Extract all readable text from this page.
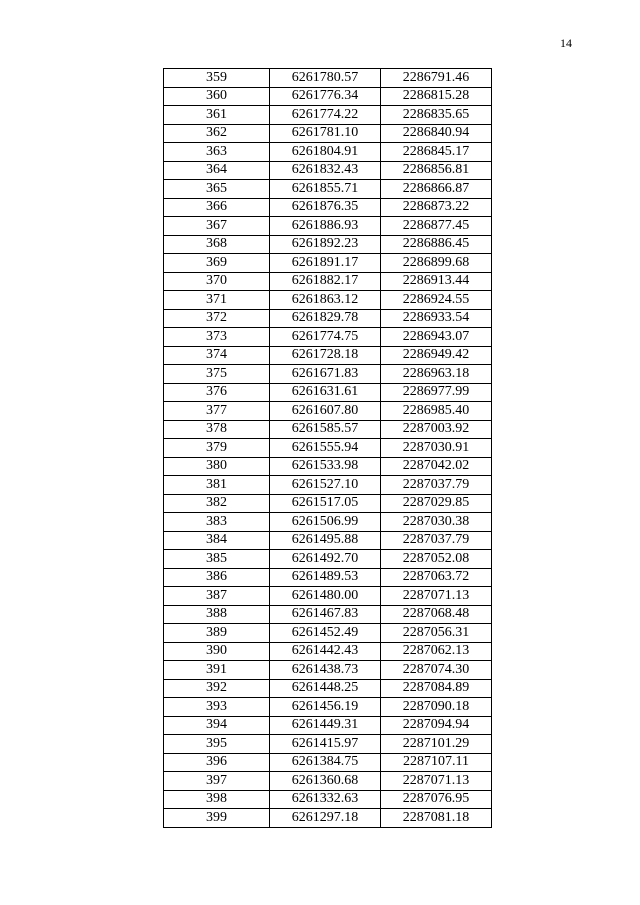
14
359	6261780.57	2286791.46
360	6261776.34	2286815.28
361	6261774.22	2286835.65
362	6261781.10	2286840.94
363	6261804.91	2286845.17
364	6261832.43	2286856.81
365	6261855.71	2286866.87
366	6261876.35	2286873.22
367	6261886.93	2286877.45
368	6261892.23	2286886.45
369	6261891.17	2286899.68
370	6261882.17	2286913.44
371	6261863.12	2286924.55
372	6261829.78	2286933.54
373	6261774.75	2286943.07
374	6261728.18	2286949.42
375	6261671.83	2286963.18
376	6261631.61	2286977.99
377	6261607.80	2286985.40
378	6261585.57	2287003.92
379	6261555.94	2287030.91
380	6261533.98	2287042.02
381	6261527.10	2287037.79
382	6261517.05	2287029.85
383	6261506.99	2287030.38
384	6261495.88	2287037.79
385	6261492.70	2287052.08
386	6261489.53	2287063.72
387	6261480.00	2287071.13
388	6261467.83	2287068.48
389	6261452.49	2287056.31
390	6261442.43	2287062.13
391	6261438.73	2287074.30
392	6261448.25	2287084.89
393	6261456.19	2287090.18
394	6261449.31	2287094.94
395	6261415.97	2287101.29
396	6261384.75	2287107.11
397	6261360.68	2287071.13
398	6261332.63	2287076.95
399	6261297.18	2287081.18
